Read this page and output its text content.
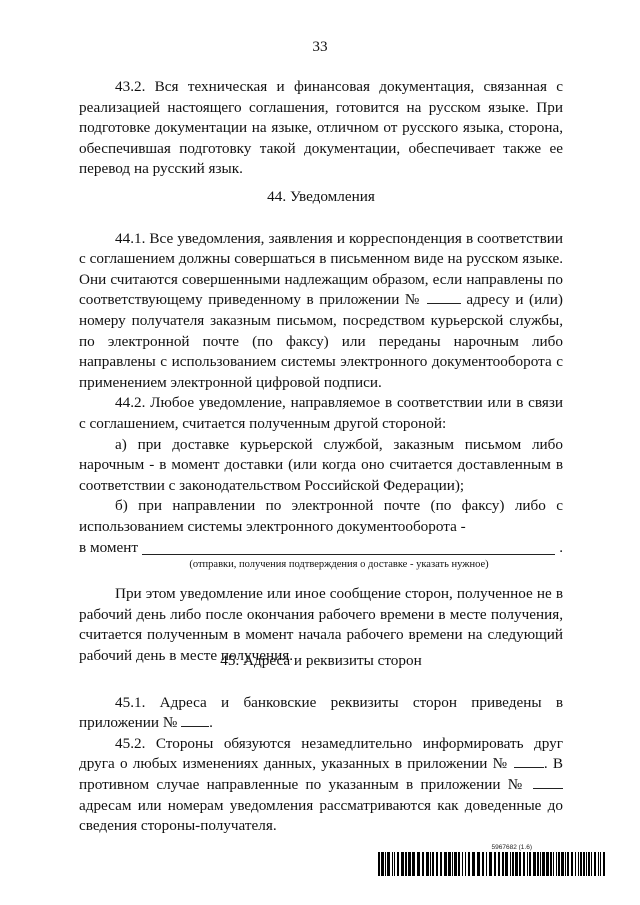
33

43.2. Вся техническая и финансовая документация, связанная с реализацией настоящего соглашения, готовится на русском языке. При подготовке документации на языке, отличном от русского языка, сторона, обеспечившая подготовку такой документации, обеспечивает также ее перевод на русский язык.

44. Уведомления

44.1. Все уведомления, заявления и корреспонденция в соответствии с соглашением должны совершаться в письменном виде на русском языке. Они считаются совершенными надлежащим образом, если направлены по соответствующему приведенному в приложении №	адресу и (или) номеру получателя заказным письмом, посредством курьерской службы, по электронной почте (по факсу) или переданы нарочным либо направлены с использованием системы электронного документооборота с применением электронной цифровой подписи.

44.2. Любое уведомление, направляемое в соответствии или в связи с соглашением, считается полученным другой стороной:

а) при доставке курьерской службой, заказным письмом либо нарочным - в момент доставки (или когда оно считается доставленным в соответствии с законодательством Российской Федерации);

б) при направлении по электронной почте (по факсу) либо с использованием системы электронного документооборота -

в момент	.

(отправки, получения подтверждения о доставке - указать нужное)

При этом уведомление или иное сообщение сторон, полученное не в рабочий день либо после окончания рабочего времени в месте получения, считается полученным в момент начала рабочего времени на следующий рабочий день в месте получения.

45. Адреса и реквизиты сторон

45.1. Адреса и банковские реквизиты сторон приведены в приложении № .

45.2. Стороны обязуются незамедлительно информировать друг друга о любых изменениях данных, указанных в приложении № . В противном случае направленные по указанным в приложении №  адресам или номерам уведомления рассматриваются как доведенные до сведения стороны-получателя.

5967682 (1.6)
